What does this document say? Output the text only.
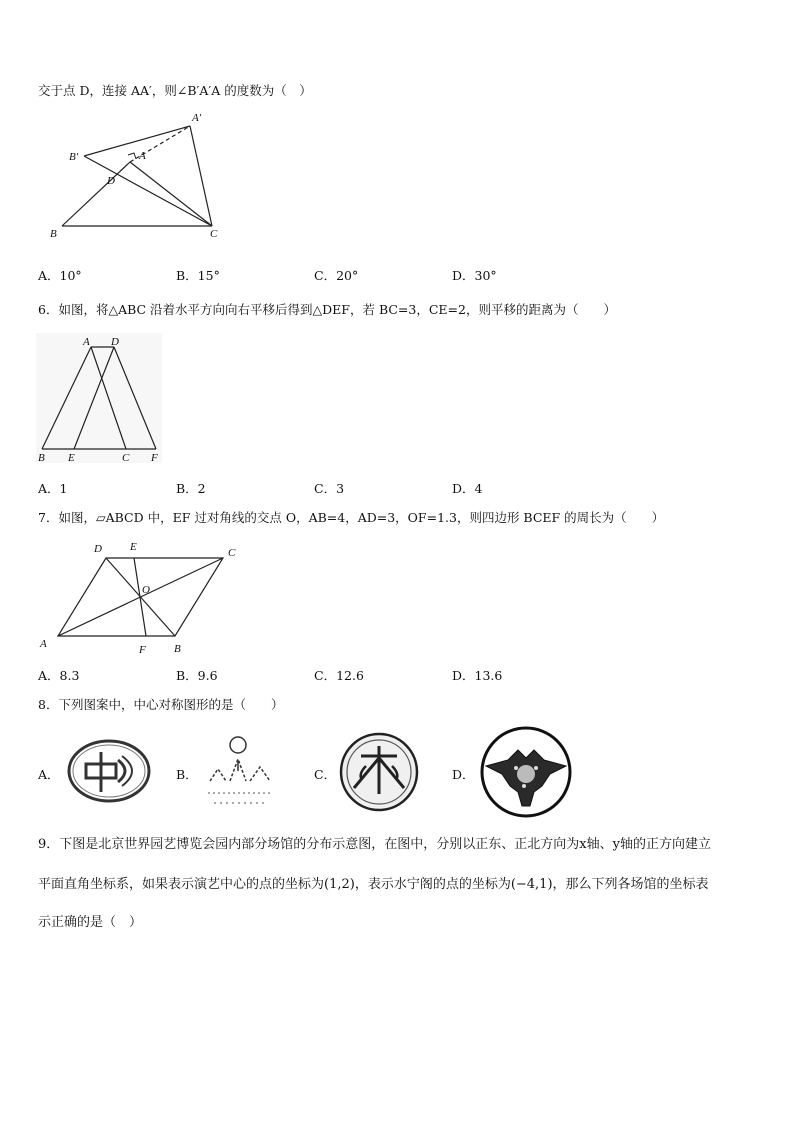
交于点 D，连接 AA′，则∠B′A′A 的度数为（　）
A′
B′	A
D
B	C
A．10°	B．15°	C．20°	D．30°
6．如图，将△ABC 沿着水平方向向右平移后得到△DEF，若 BC=3，CE=2，则平移的距离为（　　）
A D
B E	C F
A．1	B．2	C．3	D．4
7．如图，▱ABCD 中，EF 过对角线的交点 O，AB=4，AD=3，OF=1.3，则四边形 BCEF 的周长为（　　）
D	E	C
O
A	F	B
A．8.3	B．9.6	C．12.6	D．13.6
8．下列图案中，中心对称图形的是（　　）
A．	B．	C．	D．
9．下图是北京世界园艺博览会园内部分场馆的分布示意图，在图中，分别以正东、正北方向为x轴、y轴的正方向建立
平面直角坐标系，如果表示演艺中心的点的坐标为(1,2)，表示水宁阁的点的坐标为(−4,1)，那么下列各场馆的坐标表
示正确的是（　）
